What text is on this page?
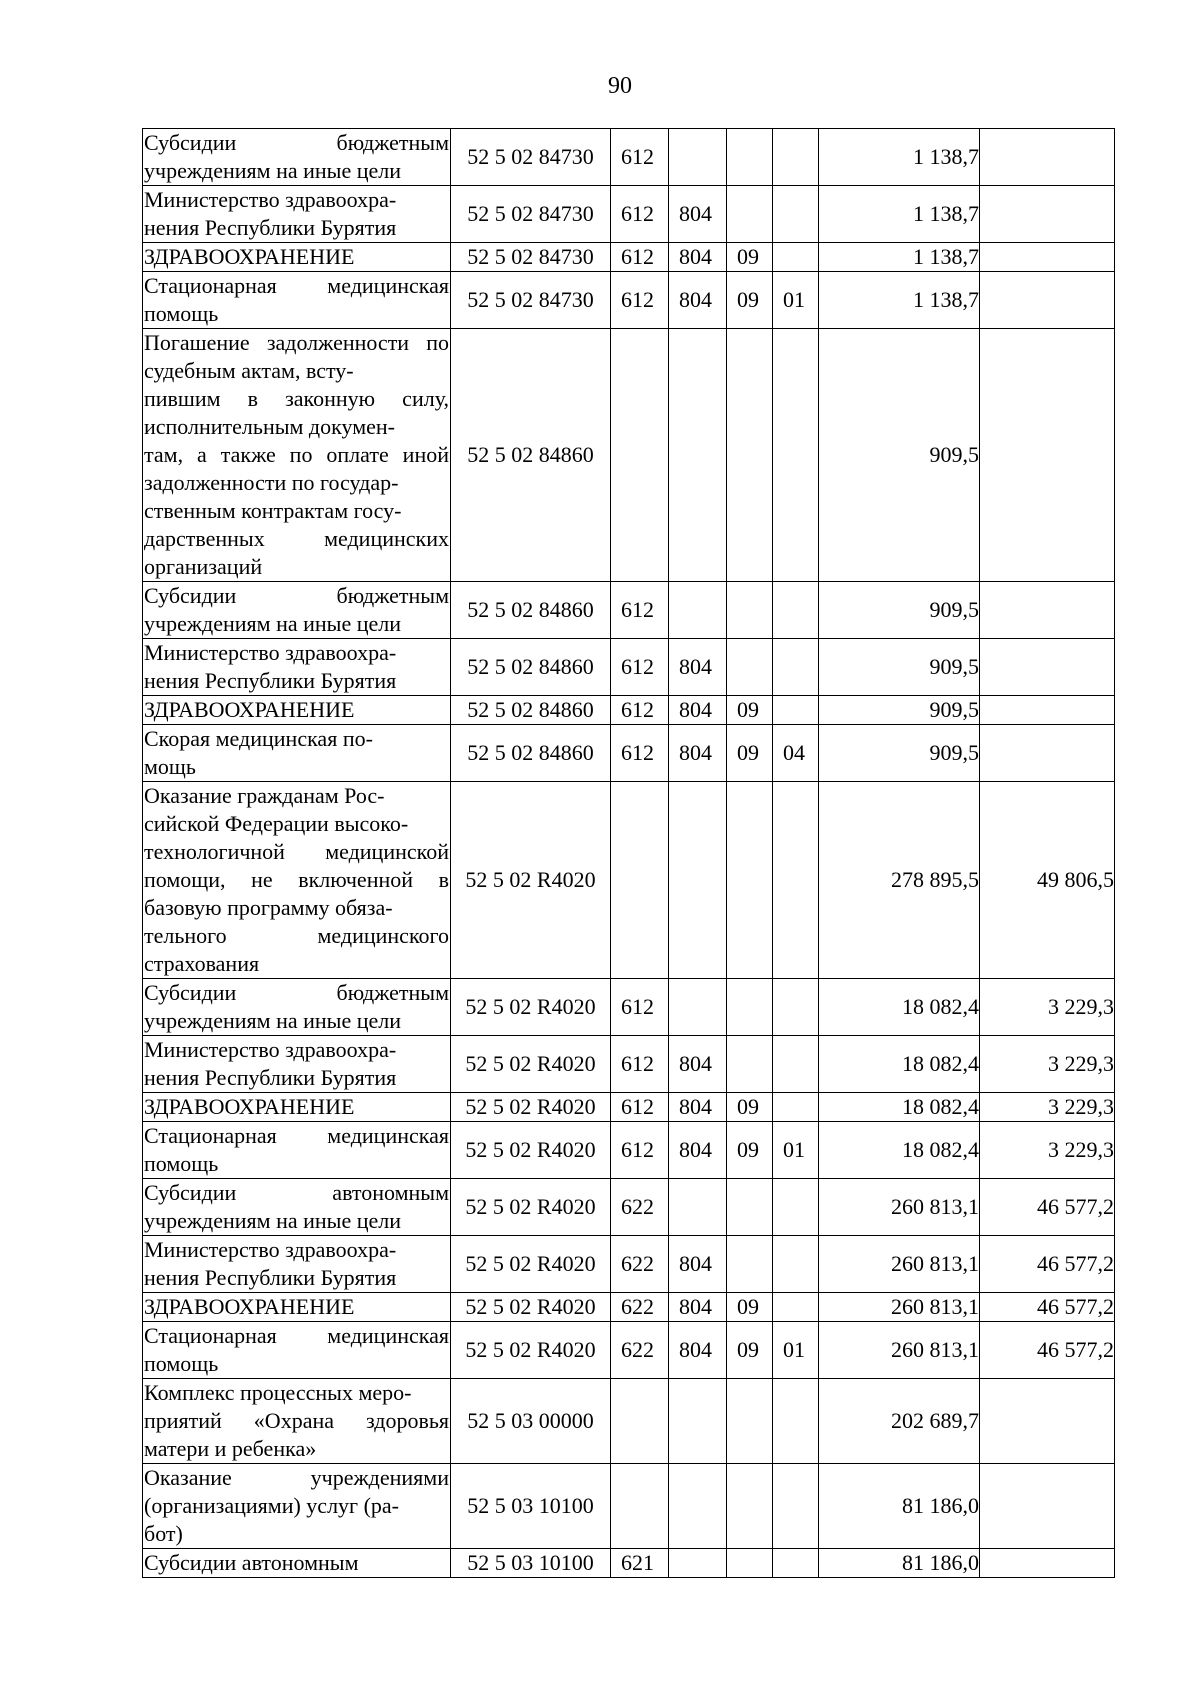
90
Субсидии бюджетным учреждениям на иные цели	52 5 02 84730	612				1 138,7	
Министерство здравоохра-
нения Республики Бурятия	52 5 02 84730	612	804			1 138,7	
ЗДРАВООХРАНЕНИЕ	52 5 02 84730	612	804	09		1 138,7	
Стационарная медицинская помощь	52 5 02 84730	612	804	09	01	1 138,7	
Погашение задолженности по судебным актам, всту-
пившим в законную силу, исполнительным докумен-
там, а также по оплате иной задолженности по государ-
ственным контрактам госу-
дарственных медицинских организаций	52 5 02 84860					909,5	
Субсидии бюджетным учреждениям на иные цели	52 5 02 84860	612				909,5	
Министерство здравоохра-
нения Республики Бурятия	52 5 02 84860	612	804			909,5	
ЗДРАВООХРАНЕНИЕ	52 5 02 84860	612	804	09		909,5	
Скорая медицинская по-
мощь	52 5 02 84860	612	804	09	04	909,5	
Оказание гражданам Рос-
сийской Федерации высоко-
технологичной медицинской помощи, не включенной в базовую программу обяза-
тельного медицинского страхования	52 5 02 R4020					278 895,5	49 806,5
Субсидии бюджетным учреждениям на иные цели	52 5 02 R4020	612				18 082,4	3 229,3
Министерство здравоохра-
нения Республики Бурятия	52 5 02 R4020	612	804			18 082,4	3 229,3
ЗДРАВООХРАНЕНИЕ	52 5 02 R4020	612	804	09		18 082,4	3 229,3
Стационарная медицинская помощь	52 5 02 R4020	612	804	09	01	18 082,4	3 229,3
Субсидии автономным учреждениям на иные цели	52 5 02 R4020	622				260 813,1	46 577,2
Министерство здравоохра-
нения Республики Бурятия	52 5 02 R4020	622	804			260 813,1	46 577,2
ЗДРАВООХРАНЕНИЕ	52 5 02 R4020	622	804	09		260 813,1	46 577,2
Стационарная медицинская помощь	52 5 02 R4020	622	804	09	01	260 813,1	46 577,2
Комплекс процессных меро-
приятий «Охрана здоровья матери и ребенка»	52 5 03 00000					202 689,7	
Оказание учреждениями (организациями) услуг (ра-
бот)	52 5 03 10100					81 186,0	
Субсидии автономным	52 5 03 10100	621				81 186,0	
